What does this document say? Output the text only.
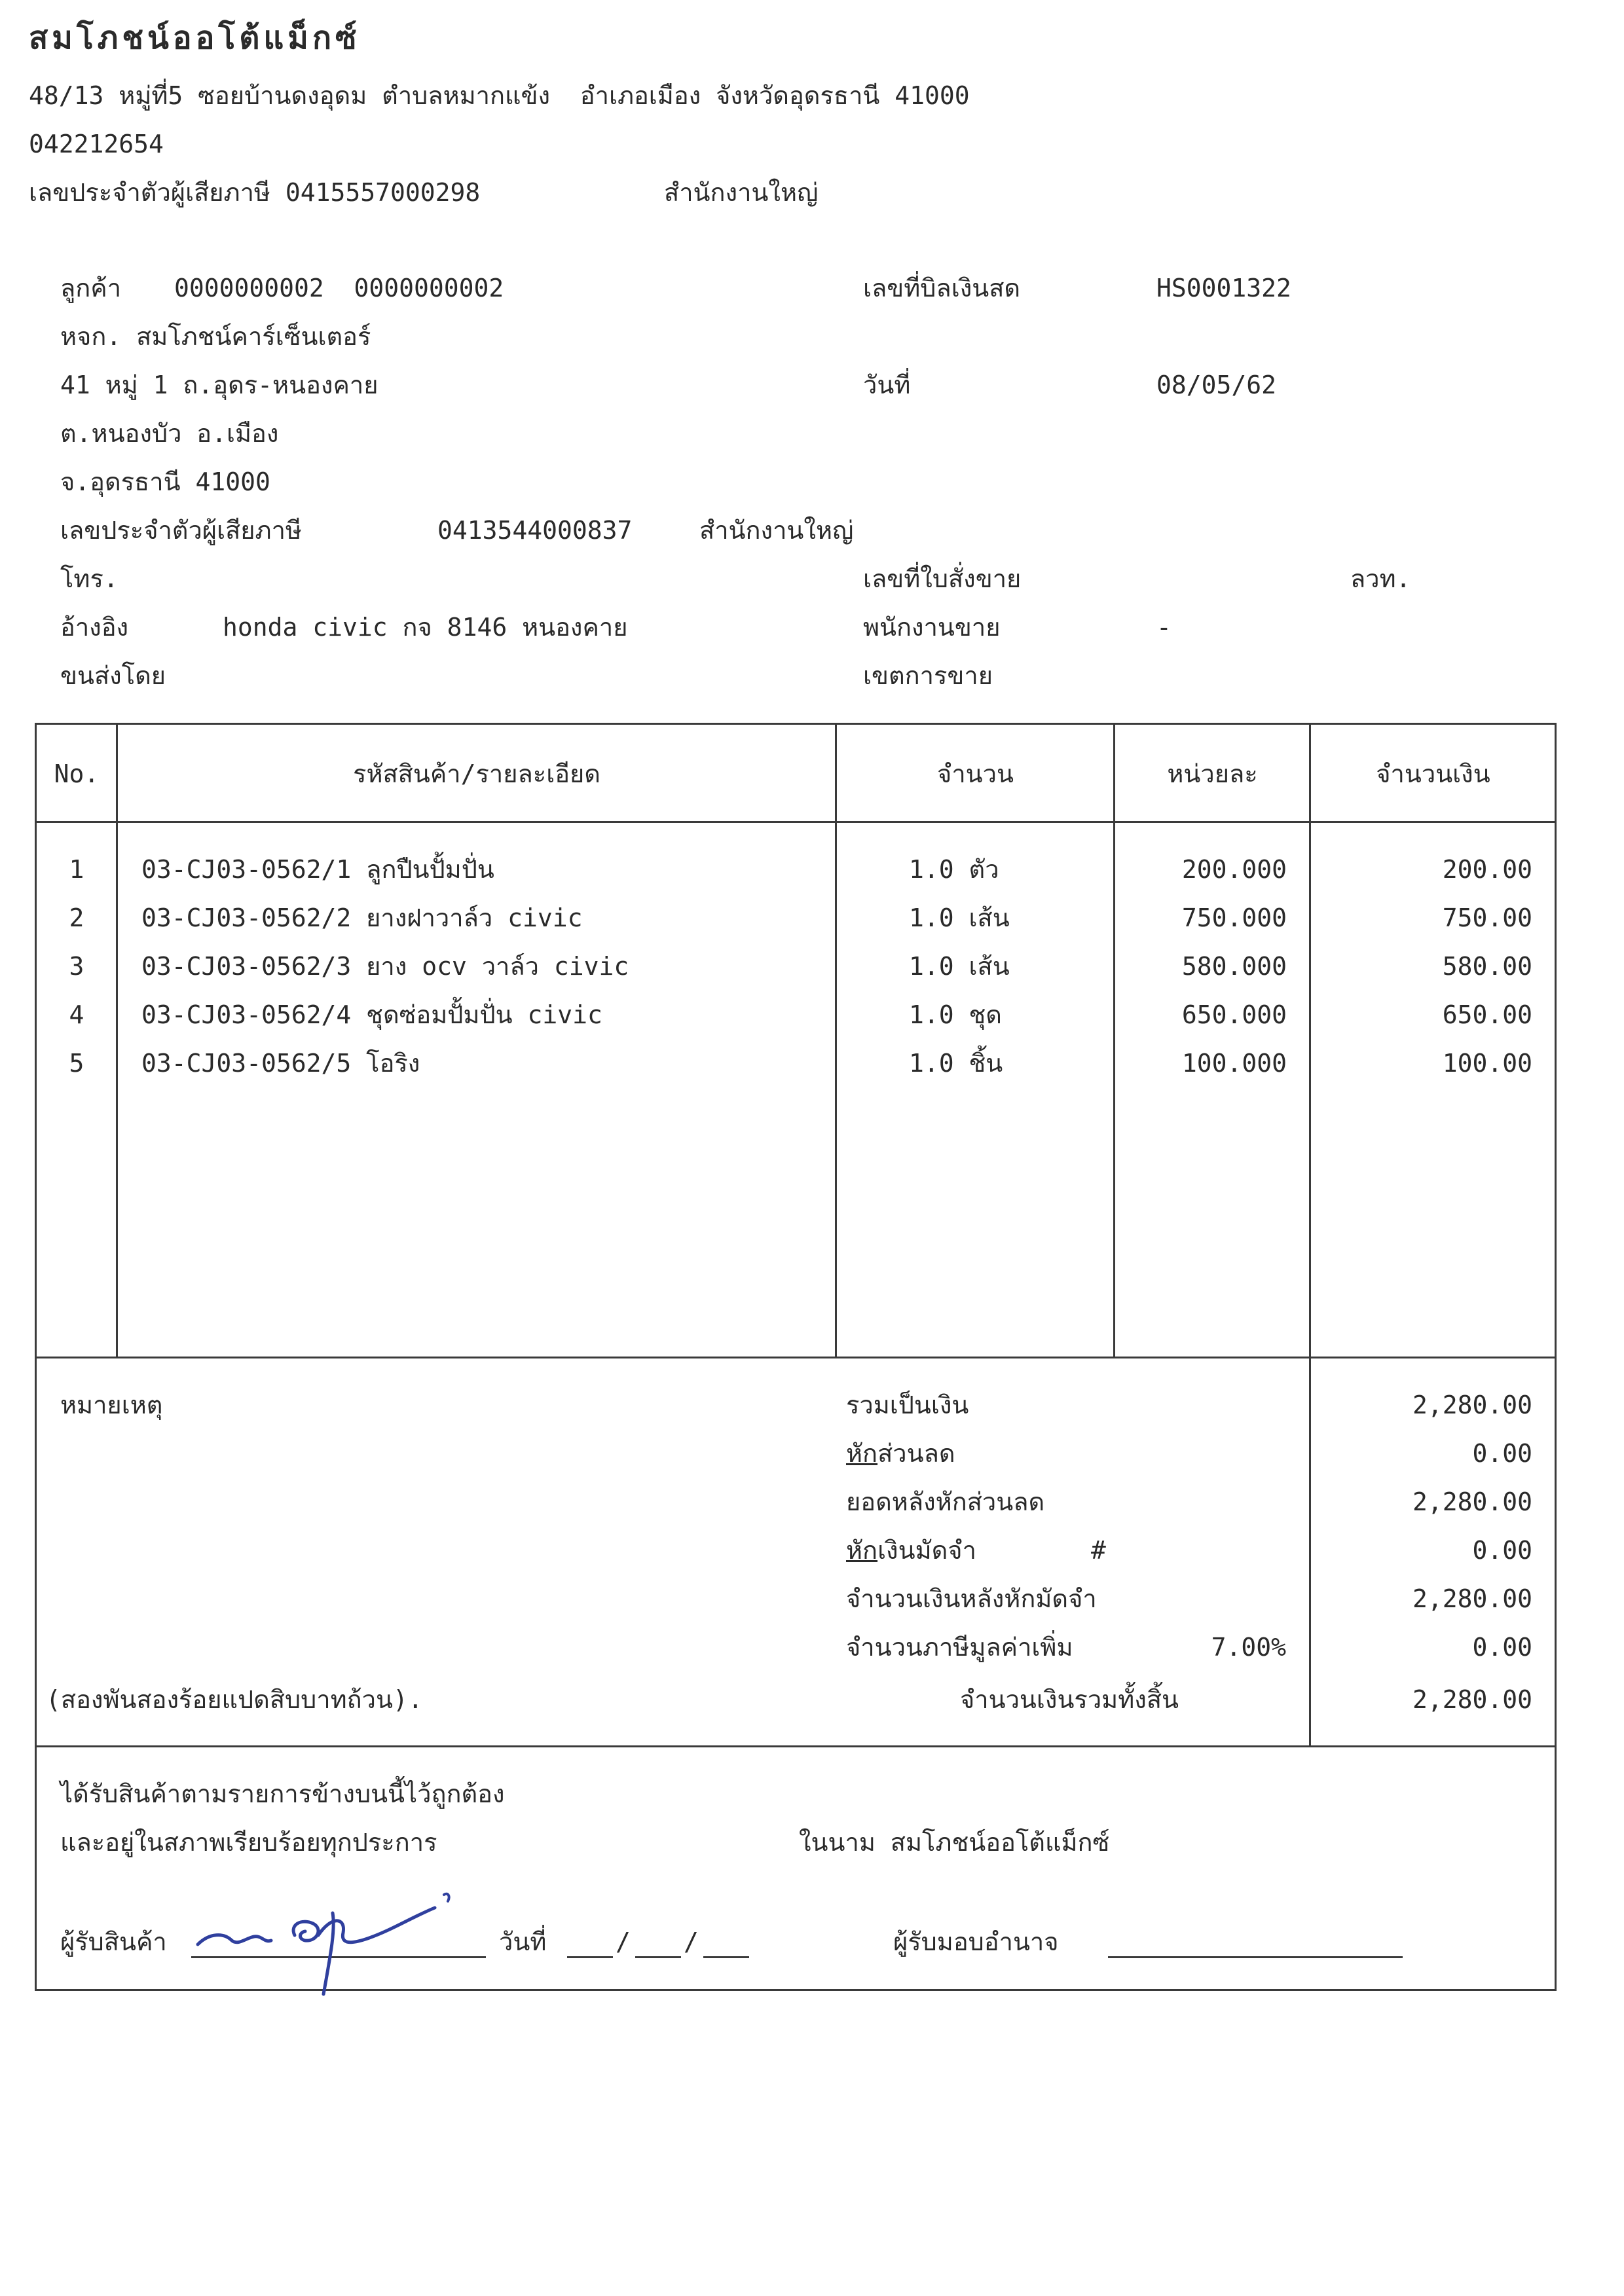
สมโภชน์ออโต้แม็กซ์
48/13 หมู่ที่5 ซอยบ้านดงอุดม ตำบลหมากแข้ง  อำเภอเมือง จังหวัดอุดรธานี 41000
042212654
เลขประจำตัวผู้เสียภาษี 0415557000298	สำนักงานใหญ่
ลูกค้า 0000000002  0000000002
หจก. สมโภชน์คาร์เซ็นเตอร์
41 หมู่ 1 ถ.อุดร-หนองคาย
ต.หนองบัว อ.เมือง
จ.อุดรธานี 41000
เลขประจำตัวผู้เสียภาษี	0413544000837	สำนักงานใหญ่
โทร.
อ้างอิง	honda civic กจ 8146 หนองคาย
ขนส่งโดย
เลขที่บิลเงินสด	HS0001322
วันที่	08/05/62
เลขที่ใบสั่งขาย	ลวท.
พนักงานขาย	-
เขตการขาย
No.	รหัสสินค้า/รายละเอียด	จำนวน	หน่วยละ	จำนวนเงิน
1	03-CJ03-0562/1 ลูกปืนปั้มปั่น	1.0 ตัว	200.000	200.00
2	03-CJ03-0562/2 ยางฝาวาล์ว civic	1.0 เส้น	750.000	750.00
3	03-CJ03-0562/3 ยาง ocv วาล์ว civic	1.0 เส้น	580.000	580.00
4	03-CJ03-0562/4 ชุดซ่อมปั้มปั่น civic	1.0 ชุด	650.000	650.00
5	03-CJ03-0562/5 โอริง	1.0 ชิ้น	100.000	100.00
หมายเหตุ
(สองพันสองร้อยแปดสิบบาทถ้วน).
รวมเป็นเงิน	2,280.00
หักส่วนลด	0.00
ยอดหลังหักส่วนลด	2,280.00
หักเงินมัดจำ	#	0.00
จำนวนเงินหลังหักมัดจำ	2,280.00
จำนวนภาษีมูลค่าเพิ่ม	7.00%	0.00
จำนวนเงินรวมทั้งสิ้น	2,280.00
ได้รับสินค้าตามรายการข้างบนนี้ไว้ถูกต้อง
และอยู่ในสภาพเรียบร้อยทุกประการ	ในนาม สมโภชน์ออโต้แม็กซ์
ผู้รับสินค้า	วันที่	/ /	ผู้รับมอบอำนาจ
